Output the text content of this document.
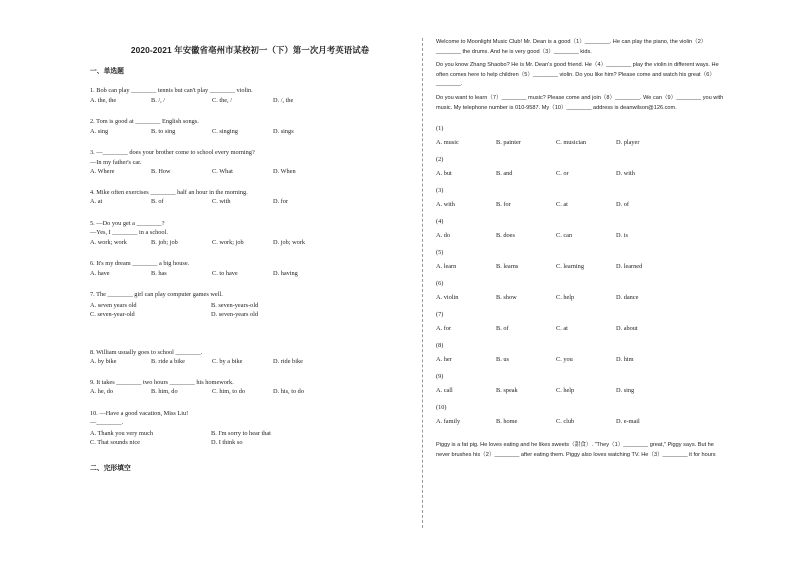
2020-2021 年安徽省亳州市某校初一（下）第一次月考英语试卷
一、单选题
1. Bob can play ________ tennis but can't play ________ violin.
A. the, the	B. /, /	C. the, /	D. /, the
2. Tom is good at ________ English songs.
A. sing	B. to sing	C. singing	D. sings
3. —________ does your brother come to school every morning?
—In my father's car.
A. Where	B. How	C. What	D. When
4. Mike often exercises ________ half an hour in the morning.
A. at	B. of	C. with	D. for
5. —Do you get a ________?
—Yes, I ________ in a school.
A. work; work	B. job; job	C. work; job	D. job; work
6. It's my dream ________ a big house.
A. have	B. has	C. to have	D. having
7. The ________ girl can play computer games well.
A. seven years old	B. seven-years-old
C. seven-year-old	D. seven-years old
8. William usually goes to school ________.
A. by bike	B. ride a bike	C. by a bike	D. ride bike
9. It takes ________ two hours ________ his homework.
A. he, do	B. him, do	C. him, to do	D. his, to do
10. —Have a good vacation, Miss Liu!
—________.
A. Thank you very much	B. I'm sorry to hear that
C. That sounds nice	D. I think so
二、完形填空
Welcome to Moonlight Music Club! Mr. Dean is a good（1）________. He can play the piano, the violin（2）
________ the drums. And he is very good（3）________ kids.
Do you know Zhang Shaobo? He is Mr. Dean's good friend. He（4）________ play the violin in different ways. He
often comes here to help children（5）________ violin. Do you like him? Please come and watch his great（6）
________.
Do you want to learn（7）________ music? Please come and join（8）________. We can（9）________ you with
music. My telephone number is 010-9587. My（10）________ address is deanwilson@126.com.
(1)
A. music	B. painter	C. musician	D. player
(2)
A. but	B. and	C. or	D. with
(3)
A. with	B. for	C. at	D. of
(4)
A. do	B. does	C. can	D. is
(5)
A. learn	B. learns	C. learning	D. learned
(6)
A. violin	B. show	C. help	D. dance
(7)
A. for	B. of	C. at	D. about
(8)
A. her	B. us	C. you	D. him
(9)
A. call	B. speak	C. help	D. sing
(10)
A. family	B. home	C. club	D. e-mail
Piggy is a fat pig. He loves eating and he likes sweets（甜食）. "They（1）________ great," Piggy says. But he
never brushes his（2）________ after eating them. Piggy also loves watching TV. He（3）________ it for hours
